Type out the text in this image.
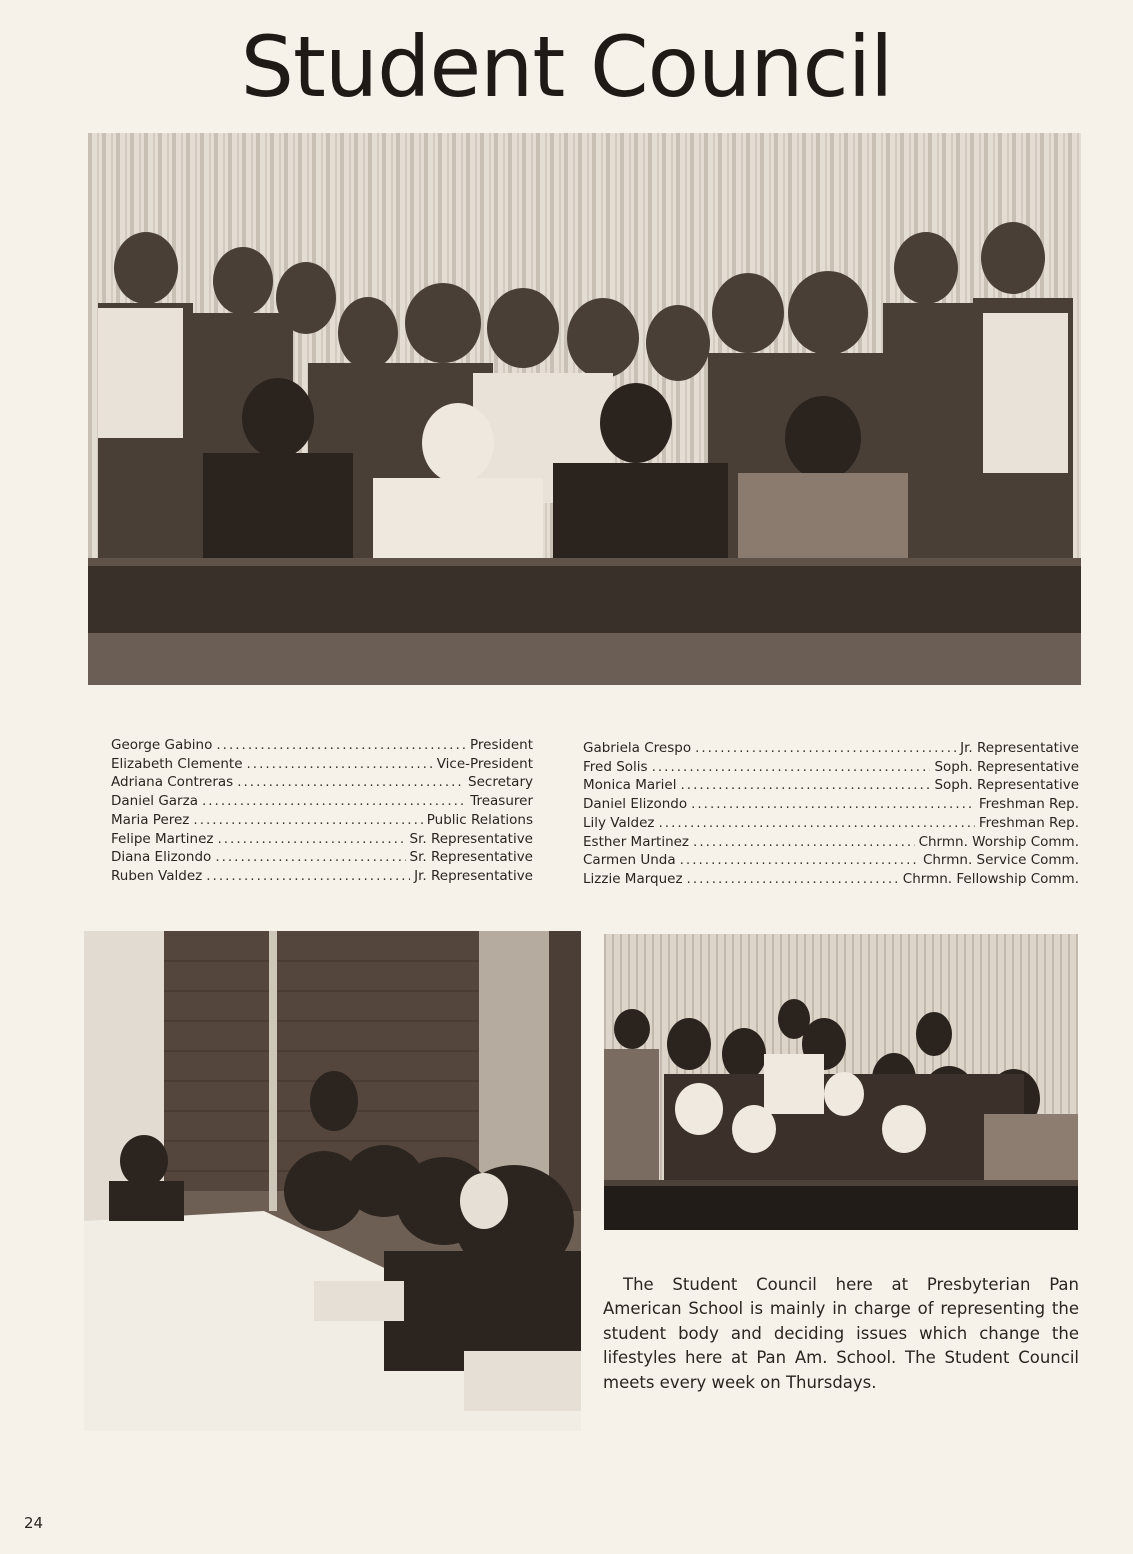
Student Council
George Gabino .....	President
Elizabeth Clemente .....	Vice-President
Adriana Contreras .....	Secretary
Daniel Garza .....	Treasurer
Maria Perez .....	Public Relations
Felipe Martinez .....	Sr. Representative
Diana Elizondo .....	Sr. Representative
Ruben Valdez .....	Jr. Representative
Gabriela Crespo .....	Jr. Representative
Fred Solis .....	Soph. Representative
Monica Mariel .....	Soph. Representative
Daniel Elizondo .....	Freshman Rep.
Lily Valdez .....	Freshman Rep.
Esther Martinez .....	Chrmn. Worship Comm.
Carmen Unda .....	Chrmn. Service Comm.
Lizzie Marquez .....	Chrmn. Fellowship Comm.

The Student Council here at Presbyterian Pan American School is mainly in charge of representing the student body and deciding issues which change the lifestyles here at Pan Am. School. The Student Council meets every week on Thursdays.

24
